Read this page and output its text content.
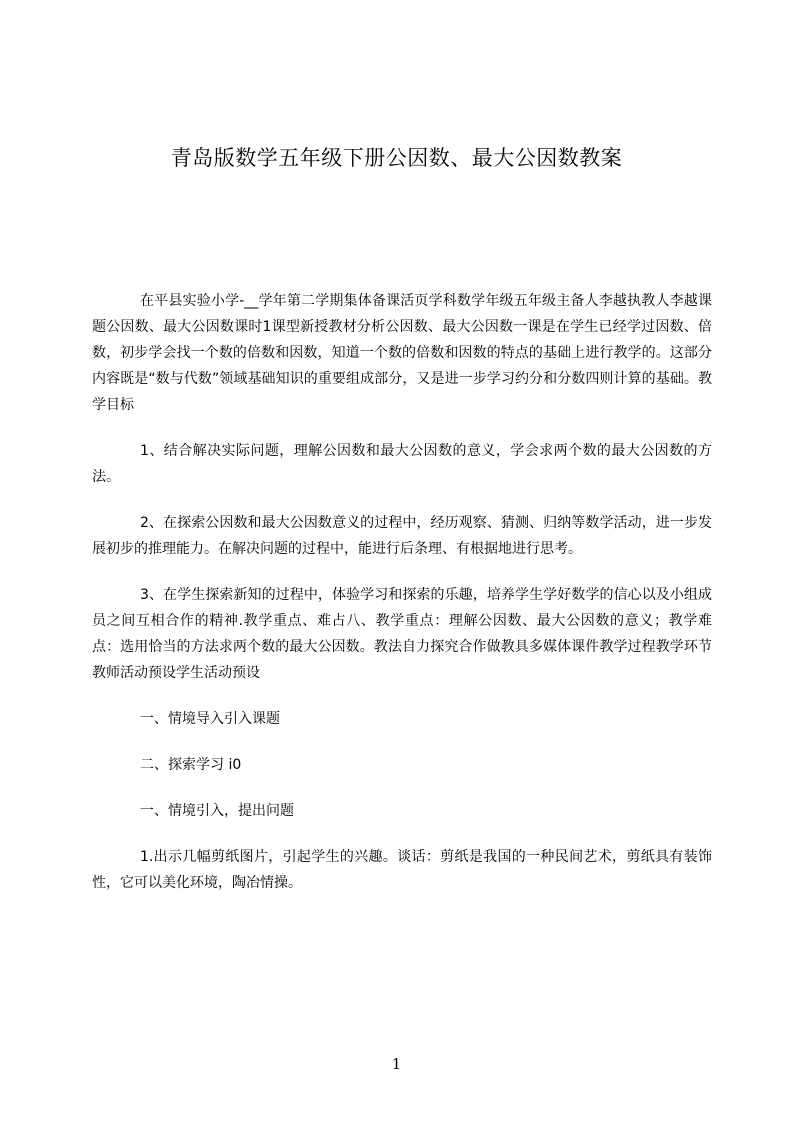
青岛版数学五年级下册公因数、最大公因数教案

在平县实验小学-__学年第二学期集体备课活页学科数学年级五年级主备人李越执教人李越课题公因数、最大公因数课时1课型新授教材分析公因数、最大公因数一课是在学生已经学过因数、倍数，初步学会找一个数的倍数和因数，知道一个数的倍数和因数的特点的基础上进行教学的。这部分内容既是“数与代数”领域基础知识的重要组成部分，又是进一步学习约分和分数四则计算的基础。教学目标

1、结合解决实际问题，理解公因数和最大公因数的意义，学会求两个数的最大公因数的方法。

2、在探索公因数和最大公因数意义的过程中，经历观察、猜测、归纳等数学活动，进一步发展初步的推理能力。在解决问题的过程中，能进行后条理、有根据地进行思考。

3、在学生探索新知的过程中，体验学习和探索的乐趣，培养学生学好数学的信心以及小组成员之间互相合作的精神.教学重点、难占八、教学重点：理解公因数、最大公因数的意义；教学难点：选用恰当的方法求两个数的最大公因数。教法自力探究合作做教具多媒体课件教学过程教学环节教师活动预设学生活动预设

一、情境导入引入课题

二、探索学习 i0

一、情境引入，提出问题

1.出示几幅剪纸图片，引起学生的兴趣。谈话：剪纸是我国的一种民间艺术，剪纸具有装饰性，它可以美化环境，陶冶情操。

1
